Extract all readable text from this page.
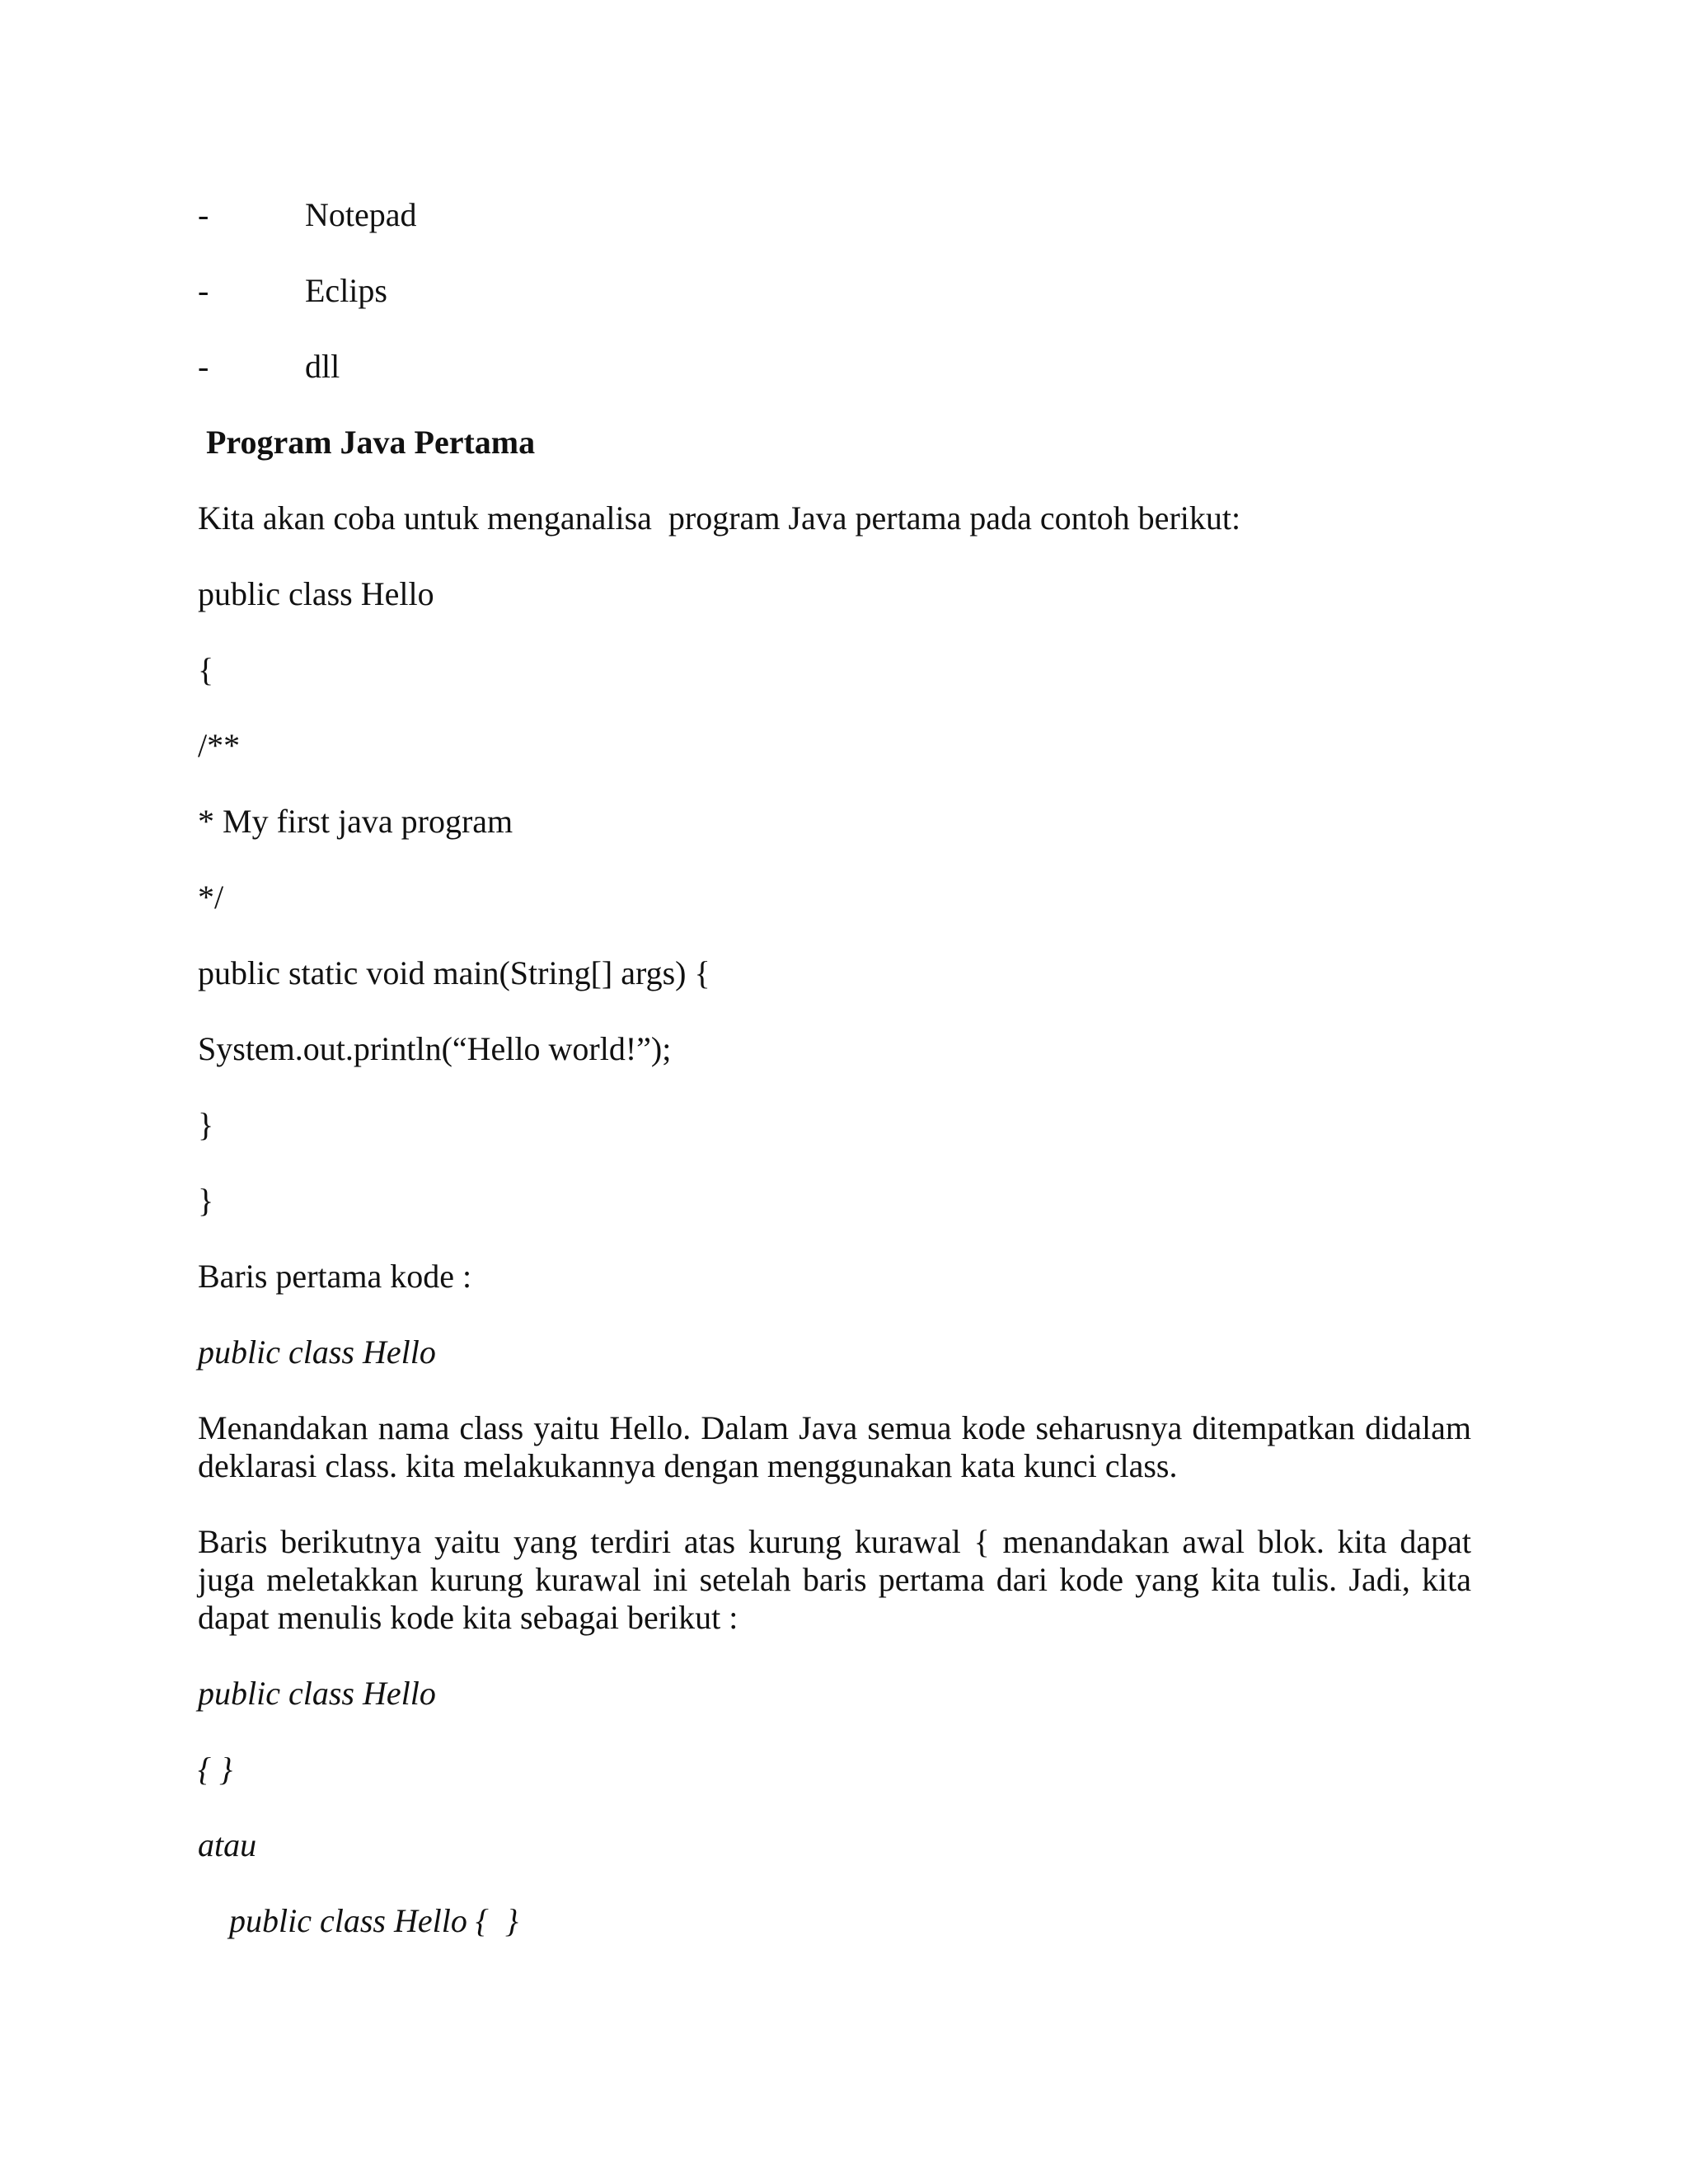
-	Notepad
-	Eclips
-	dll
Program Java Pertama
Kita akan coba untuk menganalisa  program Java pertama pada contoh berikut:
public class Hello
{
/**
* My first java program
*/
public static void main(String[] args) {
System.out.println(“Hello world!”);
}
}
Baris pertama kode :
public class Hello
Menandakan nama class yaitu Hello. Dalam Java semua kode seharusnya ditempatkan didalam deklarasi class. kita melakukannya dengan menggunakan kata kunci class.
Baris berikutnya yaitu yang terdiri atas kurung kurawal { menandakan awal blok. kita dapat juga meletakkan kurung kurawal ini setelah baris pertama dari kode yang kita tulis. Jadi, kita dapat menulis kode kita sebagai berikut :
public class Hello
{ }
atau
public class Hello {  }
